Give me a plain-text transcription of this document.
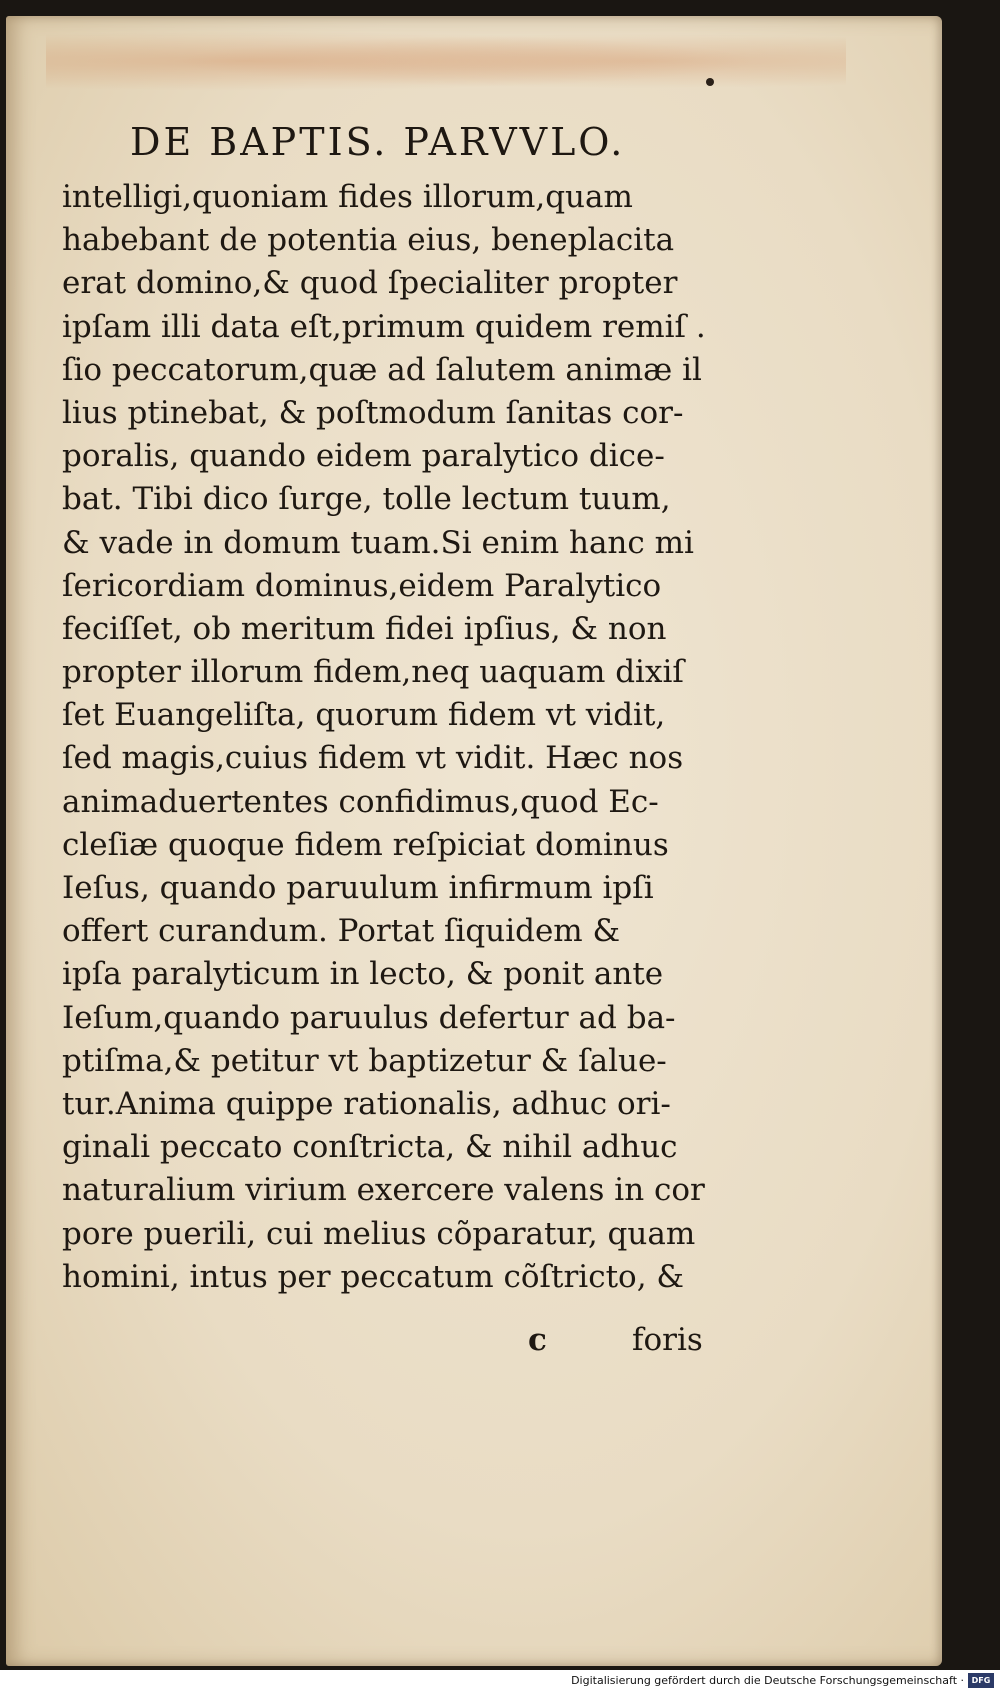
DE BAPTIS. PARVVLO.
intelligi,quoniam fides illorum,quam
habebant de potentia eius, beneplacita
erat domino,& quod ſpecialiter propter
ipſam illi data eſt,primum quidem remiſ .
ſio peccatorum,quæ ad ſalutem animæ il
lius ptinebat, & poſtmodum ſanitas cor-
poralis, quando eidem paralytico dice-
bat. Tibi dico ſurge, tolle lectum tuum,
& vade in domum tuam.Si enim hanc mi
ſericordiam dominus,eidem Paralytico
feciſſet, ob meritum fidei ipſius, & non
propter illorum fidem,neq uaquam dixiſ
ſet Euangeliſta, quorum fidem vt vidit,
ſed magis,cuius fidem vt vidit. Hæc nos
animaduertentes confidimus,quod Ec-
cleſiæ quoque fidem reſpiciat dominus
Ieſus, quando paruulum infirmum ipſi
offert curandum. Portat ſiquidem &
ipſa paralyticum in lecto, & ponit ante
Ieſum,quando paruulus defertur ad ba-
ptiſma,& petitur vt baptizetur & ſalue-
tur.Anima quippe rationalis, adhuc ori-
ginali peccato conſtricta, & nihil adhuc
naturalium virium exercere valens in cor
pore puerili, cui melius cõparatur, quam
homini, intus per peccatum cõſtricto, &
c	foris
Digitalisierung gefördert durch die Deutsche Forschungsgemeinschaft · DFG
